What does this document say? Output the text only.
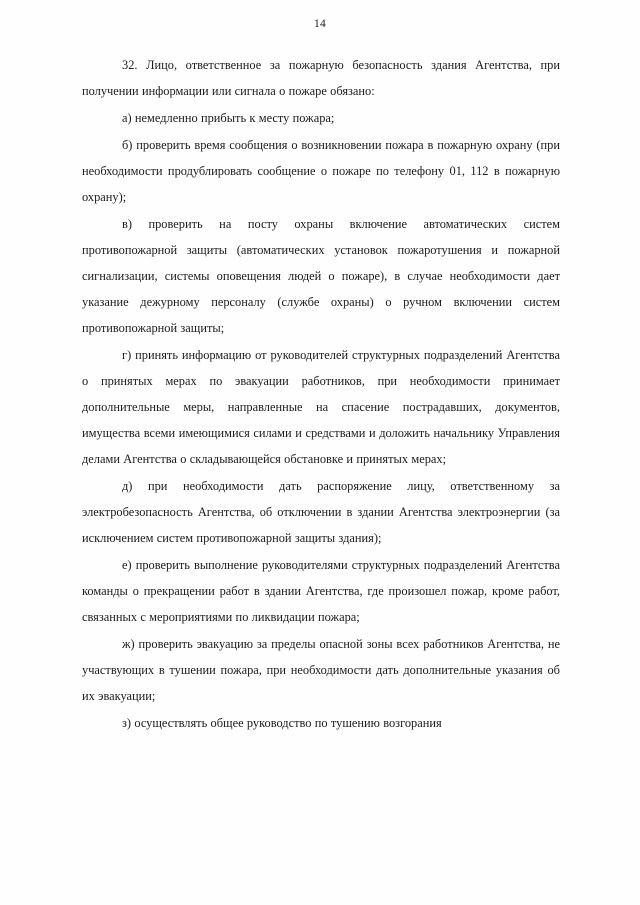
14

32. Лицо, ответственное за пожарную безопасность здания Агентства, при получении информации или сигнала о пожаре обязано:

а) немедленно прибыть к месту пожара;

б) проверить время сообщения о возникновении пожара в пожарную охрану (при необходимости продублировать сообщение о пожаре по телефону 01, 112 в пожарную охрану);

в) проверить на посту охраны включение автоматических систем противопожарной защиты (автоматических установок пожаротушения и пожарной сигнализации, системы оповещения людей о пожаре), в случае необходимости дает указание дежурному персоналу (службе охраны) о ручном включении систем противопожарной защиты;

г) принять информацию от руководителей структурных подразделений Агентства о принятых мерах по эвакуации работников, при необходимости принимает дополнительные меры, направленные на спасение пострадавших, документов, имущества всеми имеющимися силами и средствами и доложить начальнику Управления делами Агентства о складывающейся обстановке и принятых мерах;

д) при необходимости дать распоряжение лицу, ответственному за электробезопасность Агентства, об отключении в здании Агентства электроэнергии (за исключением систем противопожарной защиты здания);

е) проверить выполнение руководителями структурных подразделений Агентства команды о прекращении работ в здании Агентства, где произошел пожар, кроме работ, связанных с мероприятиями по ликвидации пожара;

ж) проверить эвакуацию за пределы опасной зоны всех работников Агентства, не участвующих в тушении пожара, при необходимости дать дополнительные указания об их эвакуации;

з) осуществлять общее руководство по тушению возгорания
